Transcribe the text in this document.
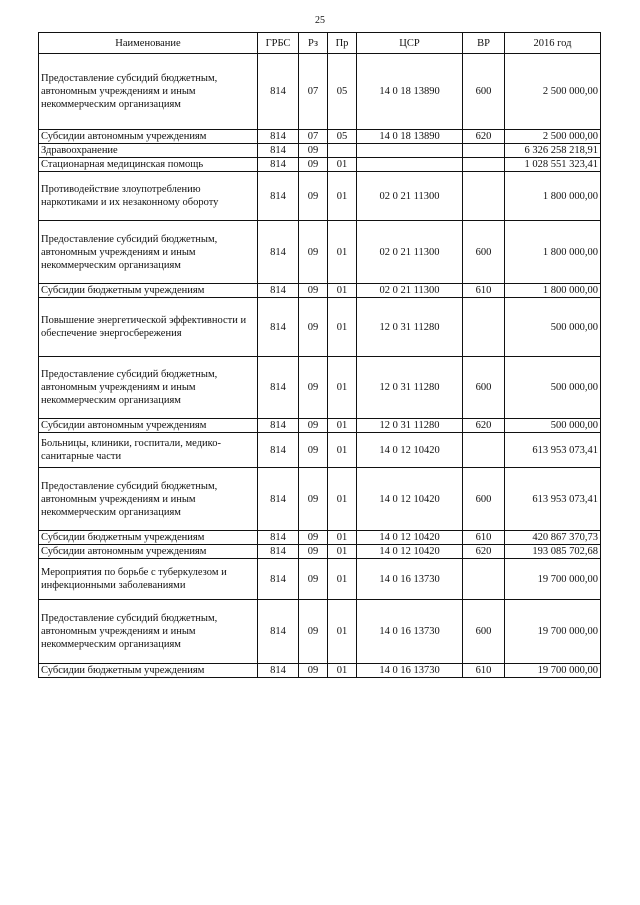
25
Наименование	ГРБС	Рз	Пр	ЦСР	ВР	2016 год
Предоставление субсидий бюджетным, автономным учреждениям и иным некоммерческим организациям	814	07	05	14 0 18 13890	600	2 500 000,00
Субсидии автономным учреждениям	814	07	05	14 0 18 13890	620	2 500 000,00
Здравоохранение	814	09				6 326 258 218,91
Стационарная медицинская помощь	814	09	01			1 028 551 323,41
Противодействие злоупотреблению наркотиками и их незаконному обороту	814	09	01	02 0 21 11300		1 800 000,00
Предоставление субсидий бюджетным, автономным учреждениям и иным некоммерческим организациям	814	09	01	02 0 21 11300	600	1 800 000,00
Субсидии бюджетным учреждениям	814	09	01	02 0 21 11300	610	1 800 000,00
Повышение энергетической эффективности и обеспечение энергосбережения	814	09	01	12 0 31 11280		500 000,00
Предоставление субсидий бюджетным, автономным учреждениям и иным некоммерческим организациям	814	09	01	12 0 31 11280	600	500 000,00
Субсидии автономным учреждениям	814	09	01	12 0 31 11280	620	500 000,00
Больницы, клиники, госпитали, медико-санитарные части	814	09	01	14 0 12 10420		613 953 073,41
Предоставление субсидий бюджетным, автономным учреждениям и иным некоммерческим организациям	814	09	01	14 0 12 10420	600	613 953 073,41
Субсидии бюджетным учреждениям	814	09	01	14 0 12 10420	610	420 867 370,73
Субсидии автономным учреждениям	814	09	01	14 0 12 10420	620	193 085 702,68
Мероприятия по борьбе с туберкулезом и инфекционными заболеваниями	814	09	01	14 0 16 13730		19 700 000,00
Предоставление субсидий бюджетным, автономным учреждениям и иным некоммерческим организациям	814	09	01	14 0 16 13730	600	19 700 000,00
Субсидии бюджетным учреждениям	814	09	01	14 0 16 13730	610	19 700 000,00
